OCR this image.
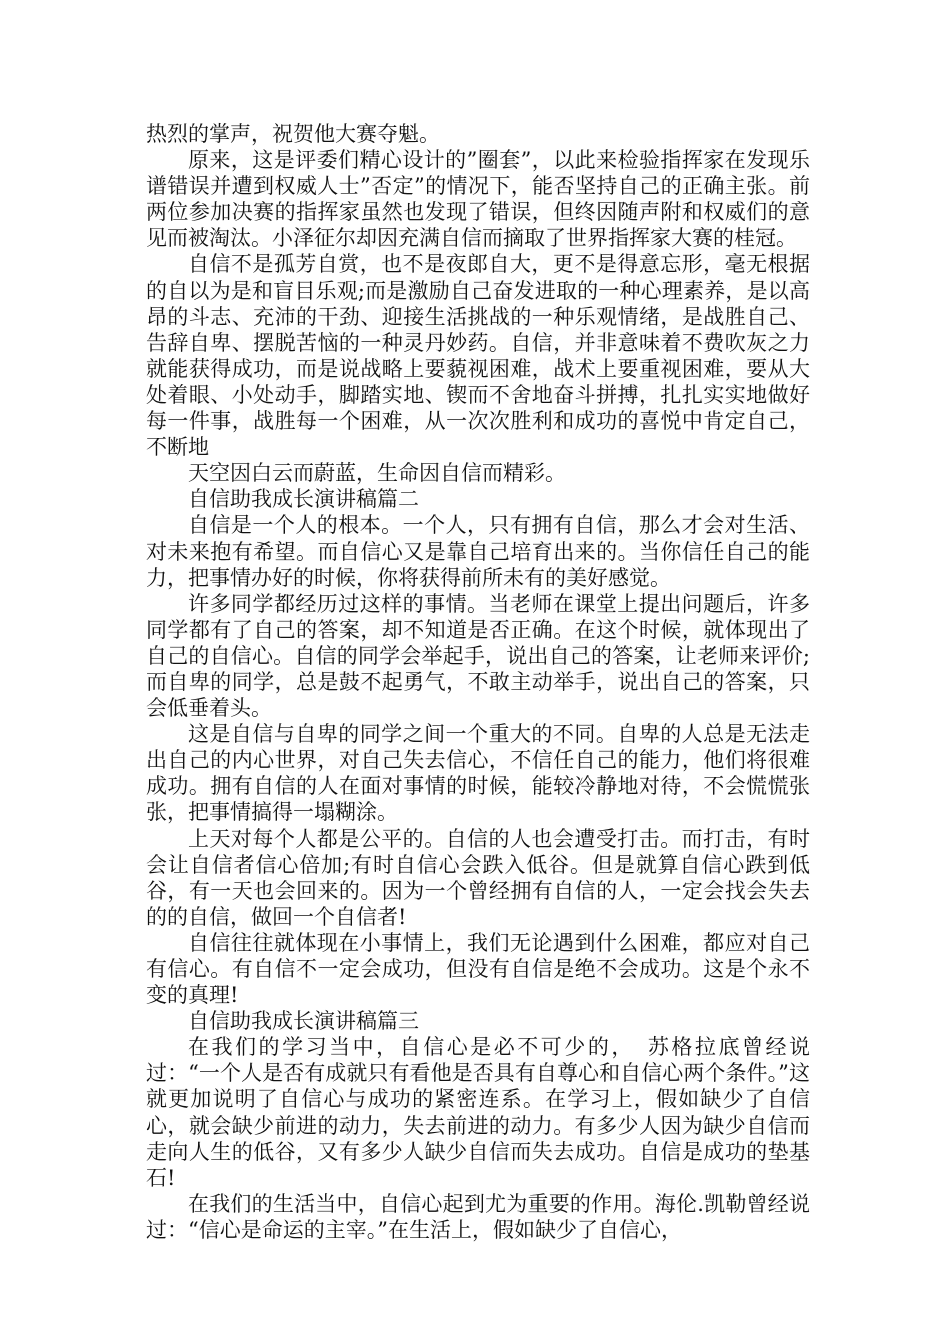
热烈的掌声，祝贺他大赛夺魁。

原来，这是评委们精心设计的”圈套”，以此来检验指挥家在发现乐谱错误并遭到权威人士”否定”的情况下，能否坚持自己的正确主张。前两位参加决赛的指挥家虽然也发现了错误，但终因随声附和权威们的意见而被淘汰。小泽征尔却因充满自信而摘取了世界指挥家大赛的桂冠。

自信不是孤芳自赏，也不是夜郎自大，更不是得意忘形，毫无根据的自以为是和盲目乐观;而是激励自己奋发进取的一种心理素养，是以高昂的斗志、充沛的干劲、迎接生活挑战的一种乐观情绪，是战胜自己、告辞自卑、摆脱苦恼的一种灵丹妙药。自信，并非意味着不费吹灰之力就能获得成功，而是说战略上要藐视困难，战术上要重视困难，要从大处着眼、小处动手，脚踏实地、锲而不舍地奋斗拼搏，扎扎实实地做好每一件事，战胜每一个困难，从一次次胜利和成功的喜悦中肯定自己，不断地

天空因白云而蔚蓝，生命因自信而精彩。

自信助我成长演讲稿篇二

自信是一个人的根本。一个人，只有拥有自信，那么才会对生活、对未来抱有希望。而自信心又是靠自己培育出来的。当你信任自己的能力，把事情办好的时候，你将获得前所未有的美好感觉。

许多同学都经历过这样的事情。当老师在课堂上提出问题后，许多同学都有了自己的答案，却不知道是否正确。在这个时候，就体现出了自己的自信心。自信的同学会举起手，说出自己的答案，让老师来评价;而自卑的同学，总是鼓不起勇气，不敢主动举手，说出自己的答案，只会低垂着头。

这是自信与自卑的同学之间一个重大的不同。自卑的人总是无法走出自己的内心世界，对自己失去信心，不信任自己的能力，他们将很难成功。拥有自信的人在面对事情的时候，能较冷静地对待，不会慌慌张张，把事情搞得一塌糊涂。

上天对每个人都是公平的。自信的人也会遭受打击。而打击，有时会让自信者信心倍加;有时自信心会跌入低谷。但是就算自信心跌到低谷，有一天也会回来的。因为一个曾经拥有自信的人，一定会找会失去的的自信，做回一个自信者!

自信往往就体现在小事情上，我们无论遇到什么困难，都应对自己有信心。有自信不一定会成功，但没有自信是绝不会成功。这是个永不变的真理!

自信助我成长演讲稿篇三

在我们的学习当中，自信心是必不可少的，　苏格拉底曾经说过：“一个人是否有成就只有看他是否具有自尊心和自信心两个条件。”这就更加说明了自信心与成功的紧密连系。在学习上，假如缺少了自信心，就会缺少前进的动力，失去前进的动力。有多少人因为缺少自信而走向人生的低谷，又有多少人缺少自信而失去成功。自信是成功的垫基石!

在我们的生活当中，自信心起到尤为重要的作用。海伦.凯勒曾经说过：“信心是命运的主宰。”在生活上，假如缺少了自信心，
